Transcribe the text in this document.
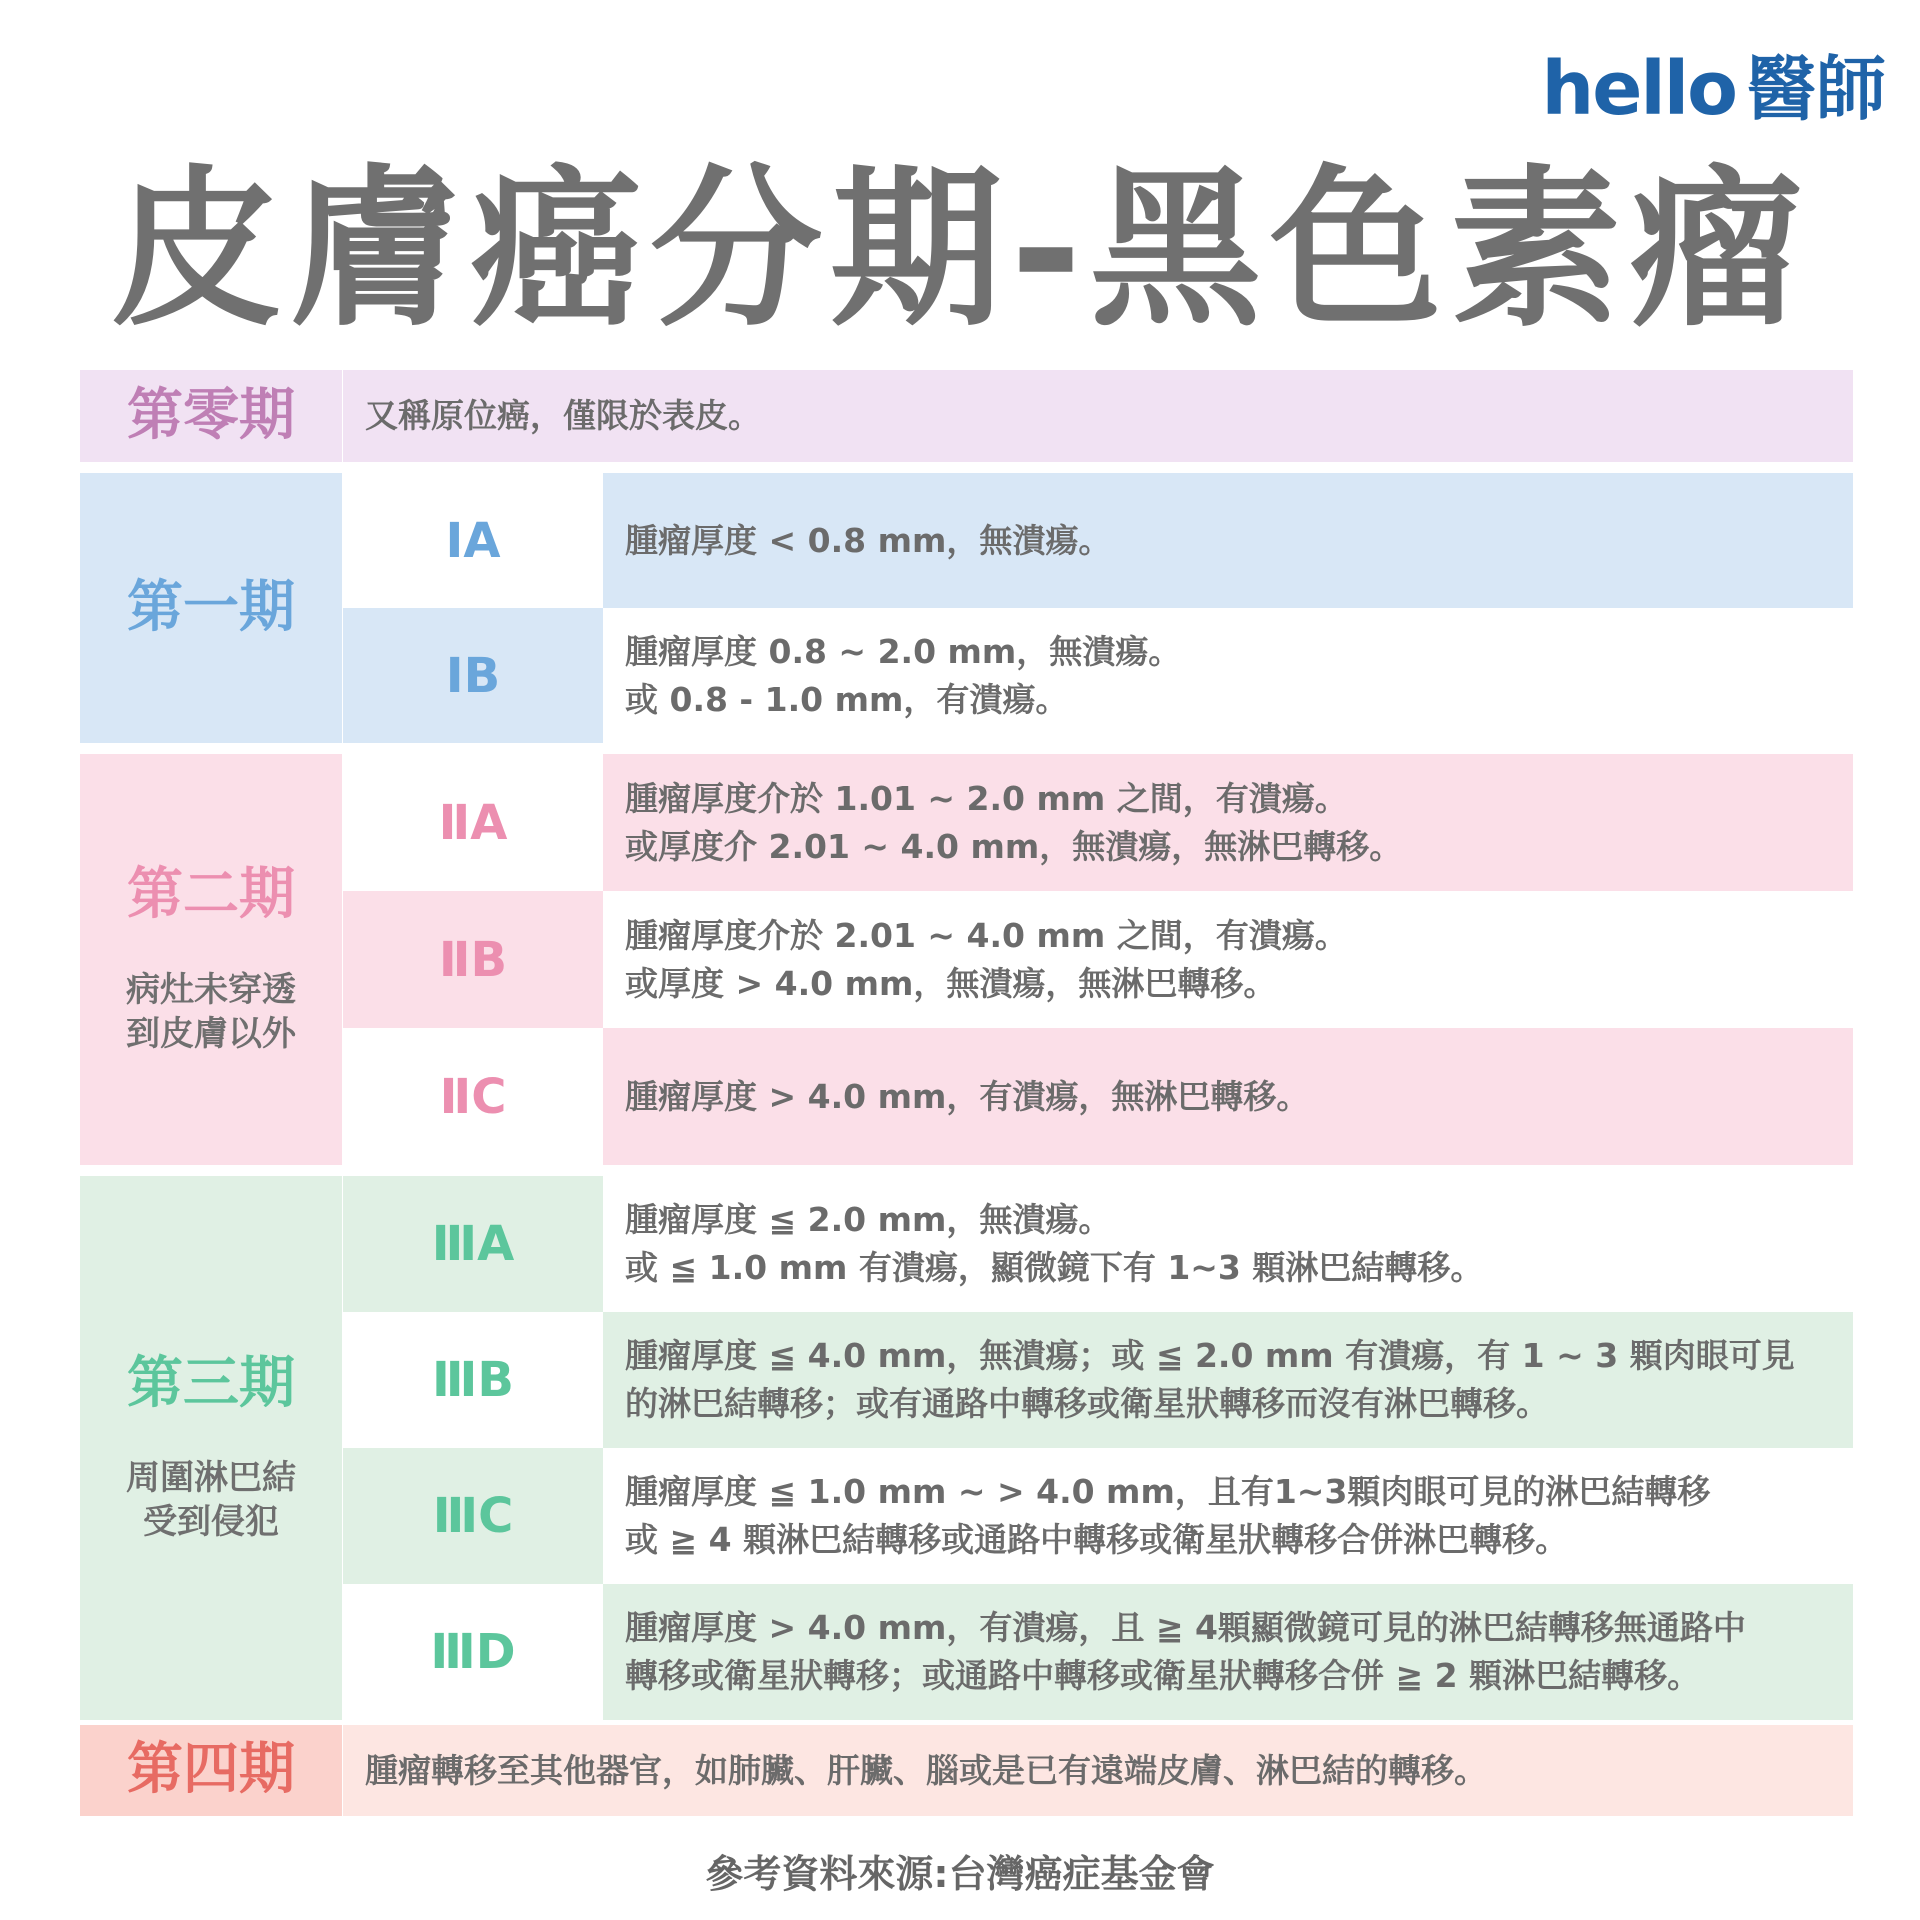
hello 醫師
皮膚癌分期-黑色素瘤
第零期	又稱原位癌，僅限於表皮。
第一期
ⅠA	腫瘤厚度 < 0.8 mm，無潰瘍。
ⅠB	腫瘤厚度 0.8 ~ 2.0 mm，無潰瘍。
或 0.8 - 1.0 mm，有潰瘍。
第二期
病灶未穿透
到皮膚以外
ⅡA	腫瘤厚度介於 1.01 ~ 2.0 mm 之間，有潰瘍。
或厚度介 2.01 ~ 4.0 mm，無潰瘍，無淋巴轉移。
ⅡB	腫瘤厚度介於 2.01 ~ 4.0 mm 之間，有潰瘍。
或厚度 > 4.0 mm，無潰瘍，無淋巴轉移。
ⅡC	腫瘤厚度 > 4.0 mm，有潰瘍，無淋巴轉移。
第三期
周圍淋巴結
受到侵犯
ⅢA	腫瘤厚度 ≦ 2.0 mm，無潰瘍。
或 ≦ 1.0 mm 有潰瘍，顯微鏡下有 1~3 顆淋巴結轉移。
ⅢB	腫瘤厚度 ≦ 4.0 mm，無潰瘍；或 ≦ 2.0 mm 有潰瘍，有 1 ~ 3 顆肉眼可見
的淋巴結轉移；或有通路中轉移或衛星狀轉移而沒有淋巴轉移。
ⅢC	腫瘤厚度 ≦ 1.0 mm ~ > 4.0 mm，且有1~3顆肉眼可見的淋巴結轉移
或 ≧ 4 顆淋巴結轉移或通路中轉移或衛星狀轉移合併淋巴轉移。
ⅢD	腫瘤厚度 > 4.0 mm，有潰瘍，且 ≧ 4顆顯微鏡可見的淋巴結轉移無通路中
轉移或衛星狀轉移；或通路中轉移或衛星狀轉移合併 ≧ 2 顆淋巴結轉移。
第四期	腫瘤轉移至其他器官，如肺臟、肝臟、腦或是已有遠端皮膚、淋巴結的轉移。
參考資料來源:台灣癌症基金會
